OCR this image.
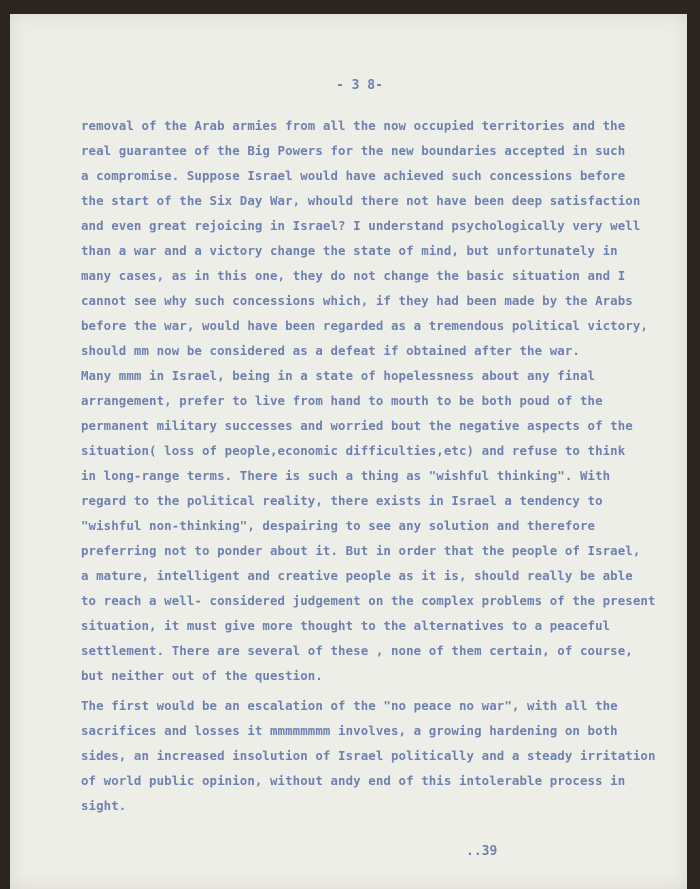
- 3 8-
removal of the Arab armies from all the now occupied territories and the
real guarantee of the Big Powers for the new boundaries accepted in such
a compromise. Suppose Israel would have achieved such concessions before
the start of the Six Day War, whould there not have been deep satisfaction
and even great rejoicing in Israel? I understand psychologically very well
than a war and a victory change the state of mind, but unfortunately in
many cases, as in this one, they do not change the basic situation and I
cannot see why such concessions which, if they had been made by the Arabs
before the war, would have been regarded as a tremendous political victory,
should mm now be considered as a defeat if obtained after the war.
Many mmm in Israel, being in a state of hopelessness about any final
arrangement, prefer to live from hand to mouth to be both poud of the
permanent military successes and worried bout the negative aspects of the
situation( loss of people,economic difficulties,etc) and refuse to think
in long-range terms. There is such a thing as "wishful thinking". With
regard to the political reality, there exists in Israel a tendency to
"wishful non-thinking", despairing to see any solution and therefore
preferring not to ponder about it. But in order that the people of Israel,
a mature, intelligent and creative people as it is, should really be able
to reach a well- considered judgement on the complex problems of the present
situation, it must give more thought to the alternatives to a peaceful
settlement. There are several of these , none of them certain, of course,
but neither out of the question.
The first would be an escalation of the "no peace no war", with all the
sacrifices and losses it mmmmmmmm involves, a growing hardening on both
sides, an increased insolution of Israel politically and a steady irritation
of world public opinion, without andy end of this intolerable process in
sight.
..39
